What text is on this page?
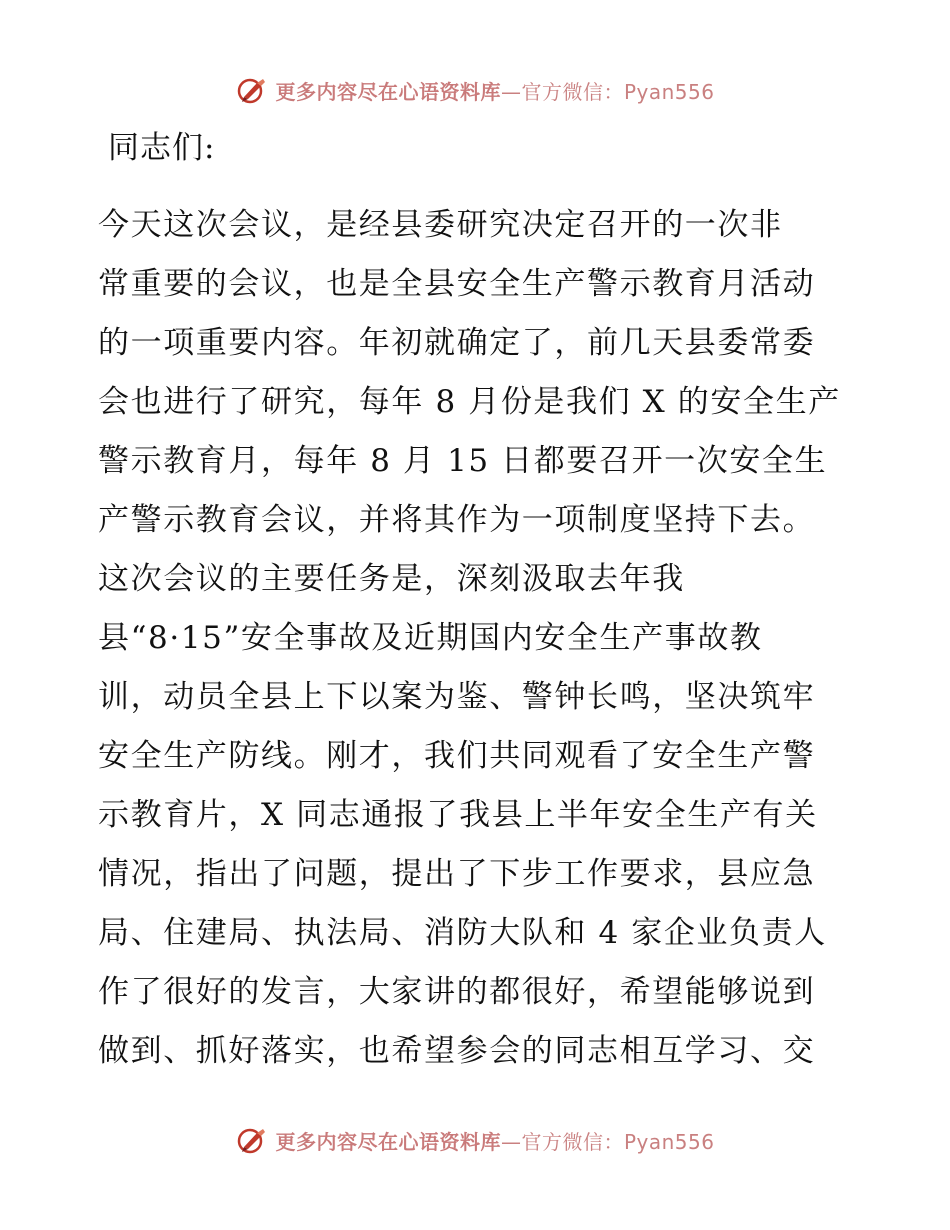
更多内容尽在心语资料库—官方微信：Pyan556

同志们:

今天这次会议，是经县委研究决定召开的一次非
常重要的会议，也是全县安全生产警示教育月活动
的一项重要内容。年初就确定了，前几天县委常委
会也进行了研究，每年 8 月份是我们 X 的安全生产
警示教育月，每年 8 月 15 日都要召开一次安全生
产警示教育会议，并将其作为一项制度坚持下去。
这次会议的主要任务是，深刻汲取去年我
县“8·15”安全事故及近期国内安全生产事故教
训，动员全县上下以案为鉴、警钟长鸣，坚决筑牢
安全生产防线。刚才，我们共同观看了安全生产警
示教育片，X 同志通报了我县上半年安全生产有关
情况，指出了问题，提出了下步工作要求，县应急
局、住建局、执法局、消防大队和 4 家企业负责人
作了很好的发言，大家讲的都很好，希望能够说到
做到、抓好落实，也希望参会的同志相互学习、交
更多内容尽在心语资料库—官方微信：Pyan556
